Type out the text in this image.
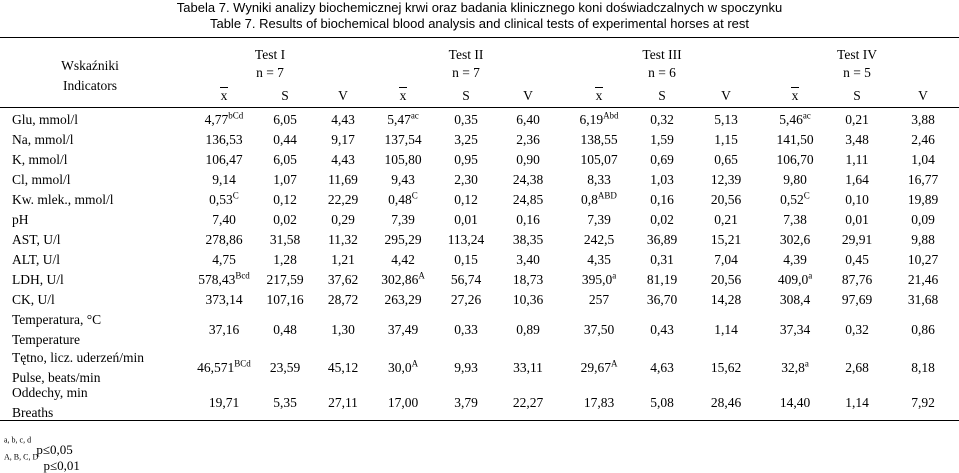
Tabela 7. Wyniki analizy biochemicznej krwi oraz badania klinicznego koni doświadczalnych w spoczynku
Table 7. Results of biochemical blood analysis and clinical tests of experimental horses at rest
Wskaźniki
Indicators
Test I
n = 7
Test II
n = 7
Test III
n = 6
Test IV
n = 5
x	S	V	x	S	V	x	S	V	x	S	V
Glu, mmol/l	$4,77^{bCd}$	6,05	4,43	5,47$^{ac}$	0,35	6,40	$6,19^{Abd}$	0,32	5,13	5,46$^{ac}$	0,21	3,88
Na, mmol/l	136,53	0,44	9,17	137,54	3,25	2,36	138,55	1,59	1,15	141,50	3,48	2,46
K, mmol/l	106,47	6,05	4,43	105,80	0,95	0,90	105,07	0,69	0,65	106,70	1,11	1,04
Cl, mmol/l	9,14	1,07	11,69	9,43	2,30	24,38	8,33	1,03	12,39	9,80	1,64	16,77
Kw. mlek., mmol/l	$0,53^C$	0,12	22,29	$0,48^C$	0,12	24,85	$0,8^{ABD}$	0,16	20,56	$0,52^C$	0,10	19,89
pH	7,40	0,02	0,29	7,39	0,01	0,16	7,39	0,02	0,21	7,38	0,01	0,09
AST, U/l	278,86	31,58	11,32	295,29	113,24	38,35	242,5	36,89	15,21	302,6	29,91	9,88
ALT, U/l	4,75	1,28	1,21	4,42	0,15	3,40	4,35	0,31	7,04	4,39	0,45	10,27
LDH, U/l	$578,43^{Bcd}$	217,59	37,62	$302,86^A$	56,74	18,73	395,0$^a$	81,19	20,56	409,0$^a$	87,76	21,46
CK, U/l	373,14	107,16	28,72	263,29	27,26	10,36	257	36,70	14,28	308,4	97,69	31,68
Temperatura, °C
Temperature
37,16	0,48	1,30	37,49	0,33	0,89	37,50	0,43	1,14	37,34	0,32	0,86
Tętno, licz. uderzeń/min
Pulse, beats/min
$46,571^{BCd}$	23,59	45,12	$30,0^A$	9,93	33,11	$29,67^A$	4,63	15,62	32,8$^a$	2,68	8,18
Oddechy, min
Breaths
19,71	5,35	27,11	17,00	3,79	22,27	17,83	5,08	28,46	14,40	1,14	7,92
$^{a, b, c, d}$ p≤0,05
$^{A, B, C, D}$ p≤0,01
